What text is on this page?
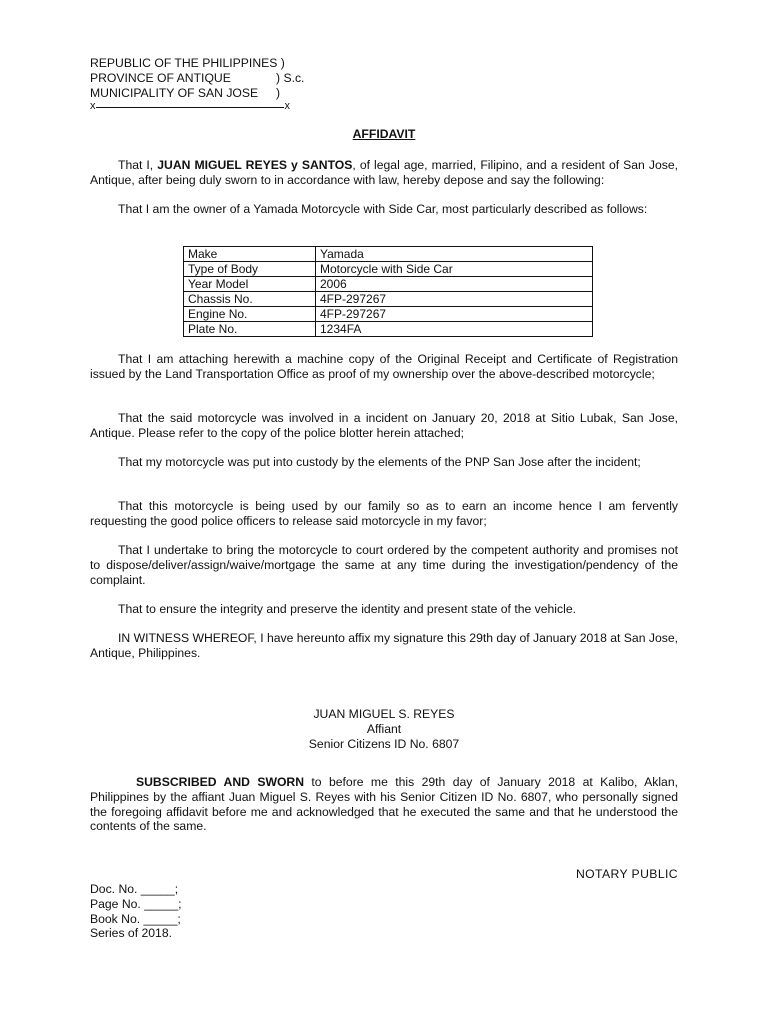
REPUBLIC OF THE PHILIPPINES )
PROVINCE OF ANTIQUE	) S.c.
MUNICIPALITY OF SAN JOSE )
x	x
AFFIDAVIT
That I, JUAN MIGUEL REYES y SANTOS, of legal age, married, Filipino, and a resident of San Jose, Antique, after being duly sworn to in accordance with law, hereby depose and say the following:
That I am the owner of a Yamada Motorcycle with Side Car, most particularly described as follows:
Make	Yamada
Type of Body	Motorcycle with Side Car
Year Model	2006
Chassis No.	4FP-297267
Engine No.	4FP-297267
Plate No.	1234FA
That I am attaching herewith a machine copy of the Original Receipt and Certificate of Registration issued by the Land Transportation Office as proof of my ownership over the above-described motorcycle;
That the said motorcycle was involved in a incident on January 20, 2018 at Sitio Lubak, San Jose, Antique. Please refer to the copy of the police blotter herein attached;
That my motorcycle was put into custody by the elements of the PNP San Jose after the incident;
That this motorcycle is being used by our family so as to earn an income hence I am fervently requesting the good police officers to release said motorcycle in my favor;
That I undertake to bring the motorcycle to court ordered by the competent authority and promises not to dispose/deliver/assign/waive/mortgage the same at any time during the investigation/pendency of the complaint.
That to ensure the integrity and preserve the identity and present state of the vehicle.
IN WITNESS WHEREOF, I have hereunto affix my signature this 29th day of January 2018 at San Jose, Antique, Philippines.
JUAN MIGUEL S. REYES
Affiant
Senior Citizens ID No. 6807
SUBSCRIBED AND SWORN to before me this 29th day of January 2018 at Kalibo, Aklan, Philippines by the affiant Juan Miguel S. Reyes with his Senior Citizen ID No. 6807, who personally signed the foregoing affidavit before me and acknowledged that he executed the same and that he understood the contents of the same.
NOTARY PUBLIC
Doc. No. _____;
Page No. _____;
Book No. _____;
Series of 2018.
